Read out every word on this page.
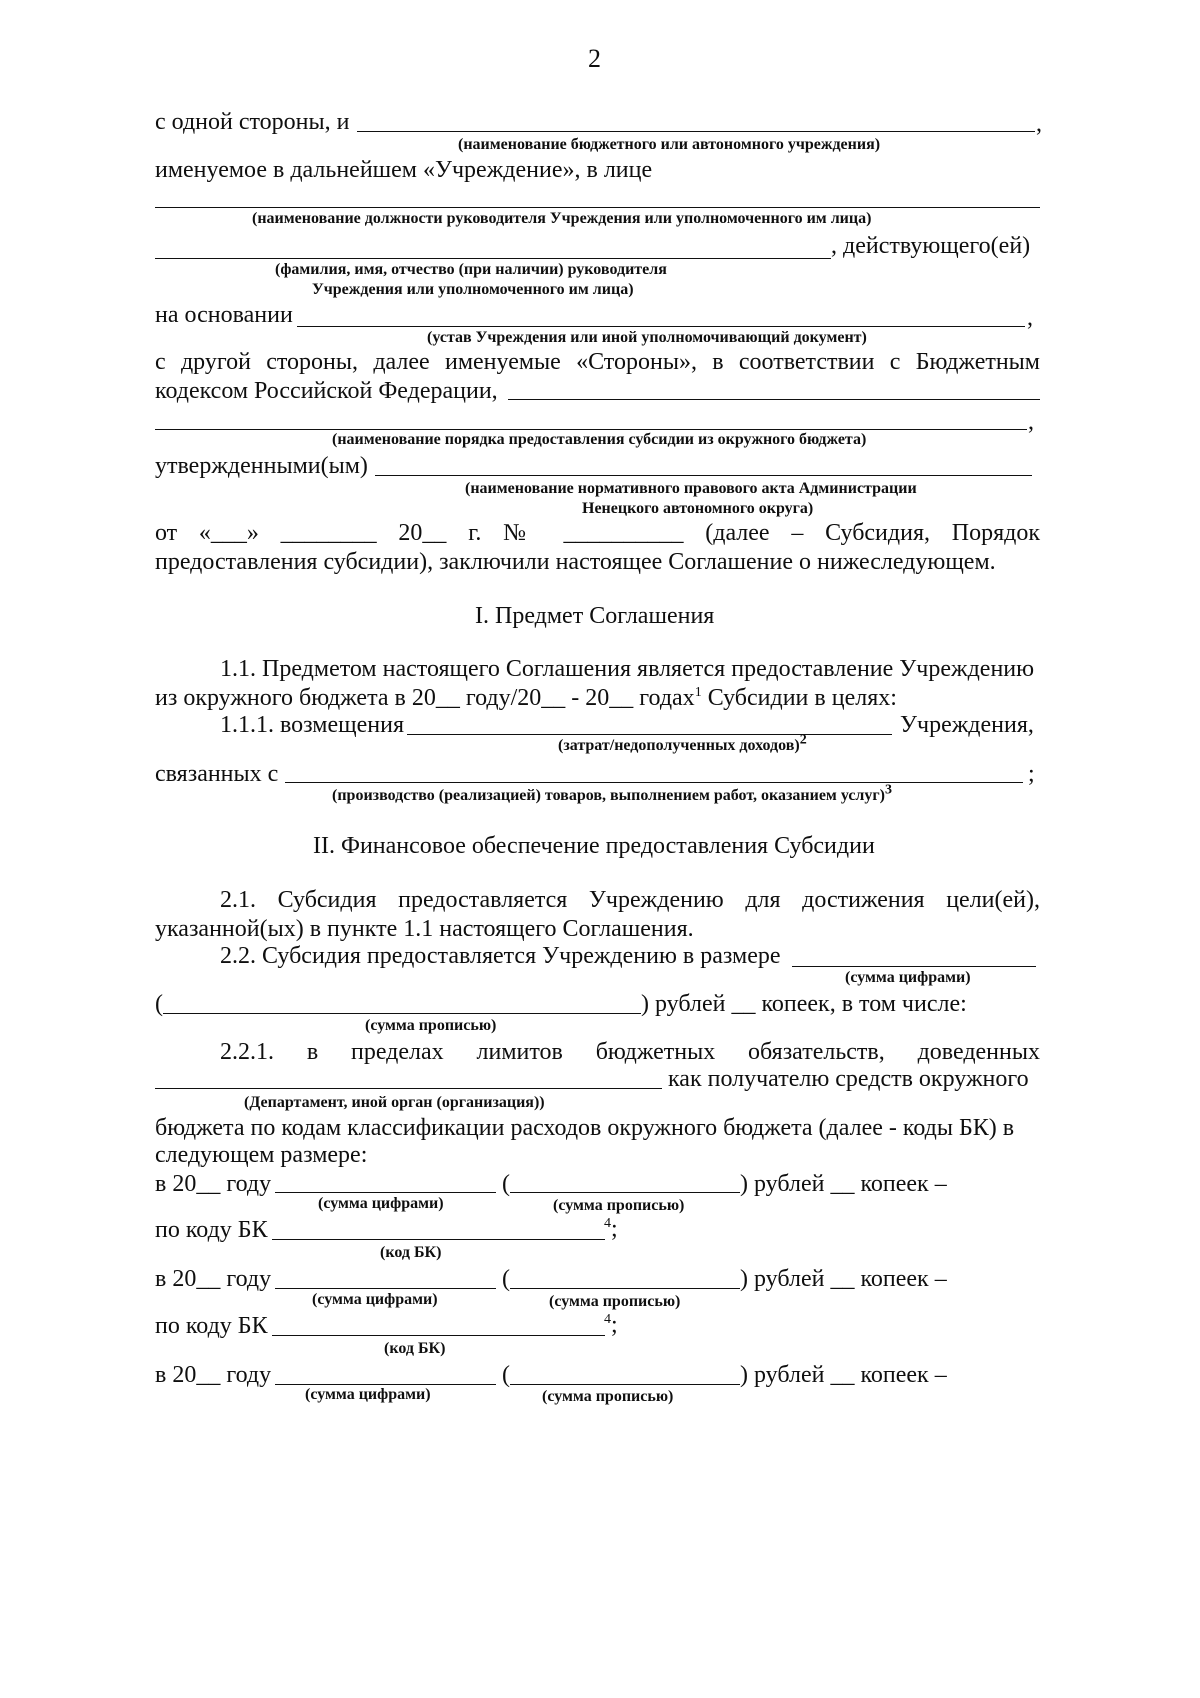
2
с одной стороны, и	,
(наименование бюджетного или автономного учреждения)
именуемое в дальнейшем «Учреждение», в лице
(наименование должности руководителя Учреждения или уполномоченного им лица)
, действующего(ей)
(фамилия, имя, отчество (при наличии) руководителя
Учреждения или уполномоченного им лица)
на основании	,
(устав Учреждения или иной уполномочивающий документ)
с другой стороны, далее именуемые «Стороны», в соответствии с Бюджетным
кодексом Российской Федерации,
,
(наименование порядка предоставления субсидии из окружного бюджета)
утвержденными(ым)
(наименование нормативного правового акта Администрации
Ненецкого автономного округа)
от «___» ________ 20__ г. № __________ (далее – Субсидия, Порядок
предоставления субсидии), заключили настоящее Соглашение о нижеследующем.
I. Предмет Соглашения
1.1. Предметом настоящего Соглашения является предоставление Учреждению
из окружного бюджета в 20__ году/20__ - 20__ годах$^1$ Субсидии в целях:
1.1.1. возмещения	Учреждения,
(затрат/недополученных доходов)$^2$
связанных с	;
(производство (реализацией) товаров, выполнением работ, оказанием услуг)$^3$
II. Финансовое обеспечение предоставления Субсидии
2.1. Субсидия предоставляется Учреждению для достижения цели(ей),
указанной(ых) в пункте 1.1 настоящего Соглашения.
2.2. Субсидия предоставляется Учреждению в размере
(сумма цифрами)
(	) рублей __ копеек, в том числе:
(сумма прописью)
2.2.1. в пределах лимитов бюджетных обязательств, доведенных
как получателю средств окружного
(Департамент, иной орган (организация))
бюджета по кодам классификации расходов окружного бюджета (далее - коды БК) в
следующем размере:
в 20__ году	(	) рублей __ копеек –
(сумма цифрами)	(сумма прописью)
по коду БК	$^4$;
(код БК)
в 20__ году	(	) рублей __ копеек –
(сумма цифрами)	(сумма прописью)
по коду БК	$^4$;
(код БК)
в 20__ году	(	) рублей __ копеек –
(сумма цифрами)	(сумма прописью)
